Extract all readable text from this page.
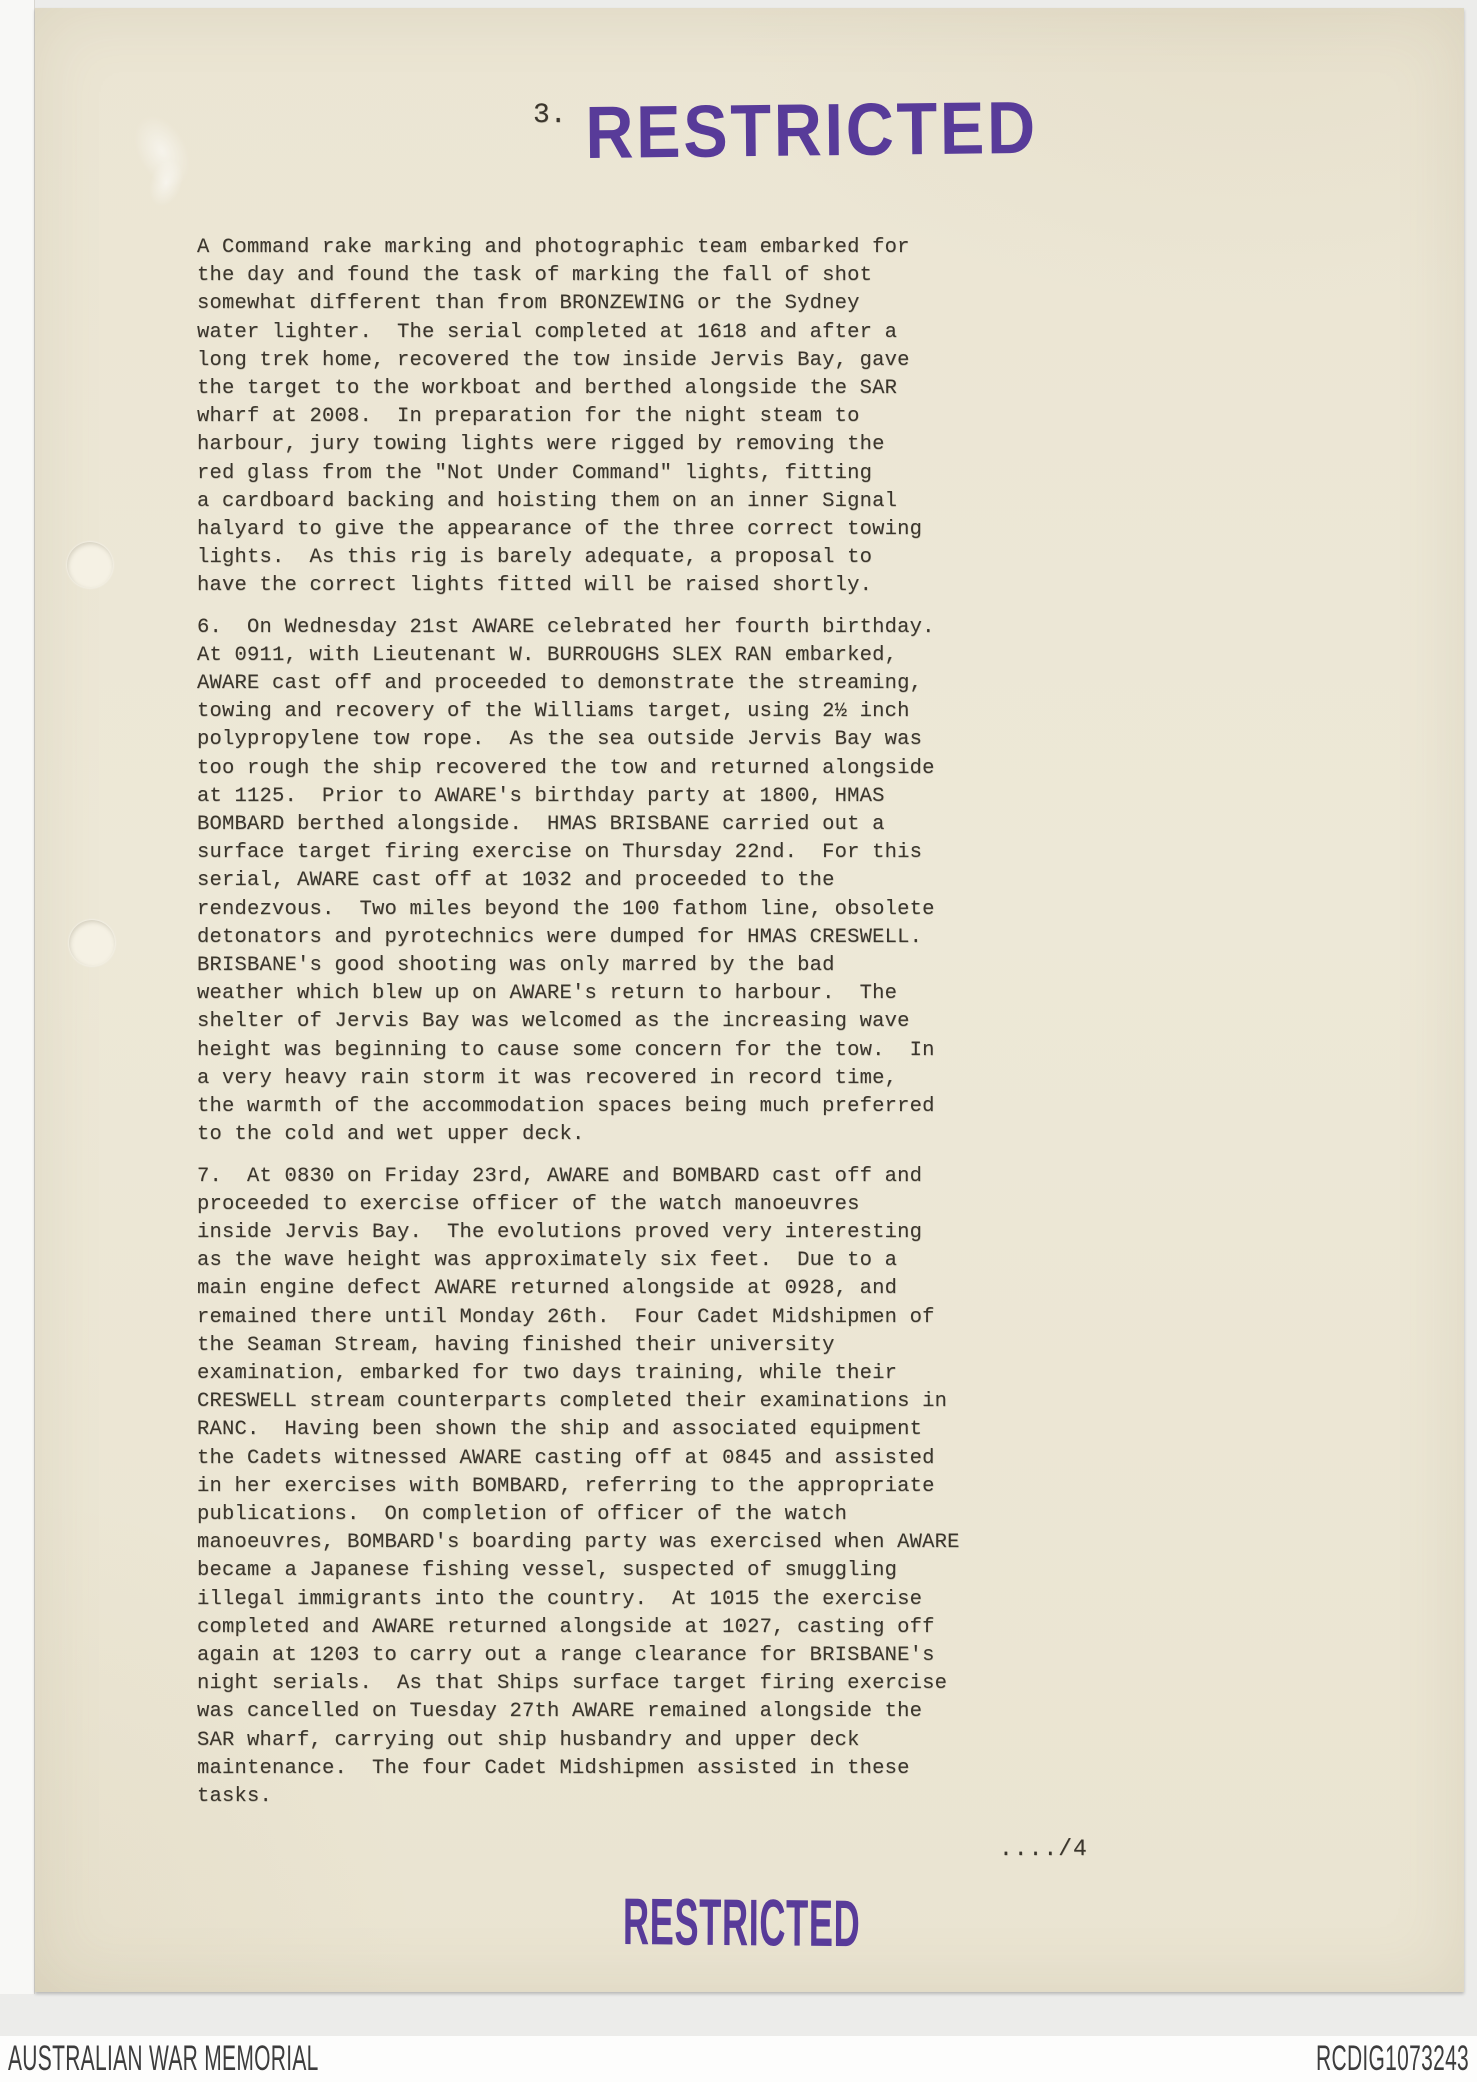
3. RESTRICTED
A Command rake marking and photographic team embarked for
the day and found the task of marking the fall of shot
somewhat different than from BRONZEWING or the Sydney
water lighter.  The serial completed at 1618 and after a
long trek home, recovered the tow inside Jervis Bay, gave
the target to the workboat and berthed alongside the SAR
wharf at 2008.  In preparation for the night steam to
harbour, jury towing lights were rigged by removing the
red glass from the "Not Under Command" lights, fitting
a cardboard backing and hoisting them on an inner Signal
halyard to give the appearance of the three correct towing
lights.  As this rig is barely adequate, a proposal to
have the correct lights fitted will be raised shortly.
6.  On Wednesday 21st AWARE celebrated her fourth birthday.
At 0911, with Lieutenant W. BURROUGHS SLEX RAN embarked,
AWARE cast off and proceeded to demonstrate the streaming,
towing and recovery of the Williams target, using 2½ inch
polypropylene tow rope.  As the sea outside Jervis Bay was
too rough the ship recovered the tow and returned alongside
at 1125.  Prior to AWARE's birthday party at 1800, HMAS
BOMBARD berthed alongside.  HMAS BRISBANE carried out a
surface target firing exercise on Thursday 22nd.  For this
serial, AWARE cast off at 1032 and proceeded to the
rendezvous.  Two miles beyond the 100 fathom line, obsolete
detonators and pyrotechnics were dumped for HMAS CRESWELL.
BRISBANE's good shooting was only marred by the bad
weather which blew up on AWARE's return to harbour.  The
shelter of Jervis Bay was welcomed as the increasing wave
height was beginning to cause some concern for the tow.  In
a very heavy rain storm it was recovered in record time,
the warmth of the accommodation spaces being much preferred
to the cold and wet upper deck.
7.  At 0830 on Friday 23rd, AWARE and BOMBARD cast off and
proceeded to exercise officer of the watch manoeuvres
inside Jervis Bay.  The evolutions proved very interesting
as the wave height was approximately six feet.  Due to a
main engine defect AWARE returned alongside at 0928, and
remained there until Monday 26th.  Four Cadet Midshipmen of
the Seaman Stream, having finished their university
examination, embarked for two days training, while their
CRESWELL stream counterparts completed their examinations in
RANC.  Having been shown the ship and associated equipment
the Cadets witnessed AWARE casting off at 0845 and assisted
in her exercises with BOMBARD, referring to the appropriate
publications.  On completion of officer of the watch
manoeuvres, BOMBARD's boarding party was exercised when AWARE
became a Japanese fishing vessel, suspected of smuggling
illegal immigrants into the country.  At 1015 the exercise
completed and AWARE returned alongside at 1027, casting off
again at 1203 to carry out a range clearance for BRISBANE's
night serials.  As that Ships surface target firing exercise
was cancelled on Tuesday 27th AWARE remained alongside the
SAR wharf, carrying out ship husbandry and upper deck
maintenance.  The four Cadet Midshipmen assisted in these
tasks.
..../4
RESTRICTED
AUSTRALIAN WAR MEMORIAL	RCDIG1073243
